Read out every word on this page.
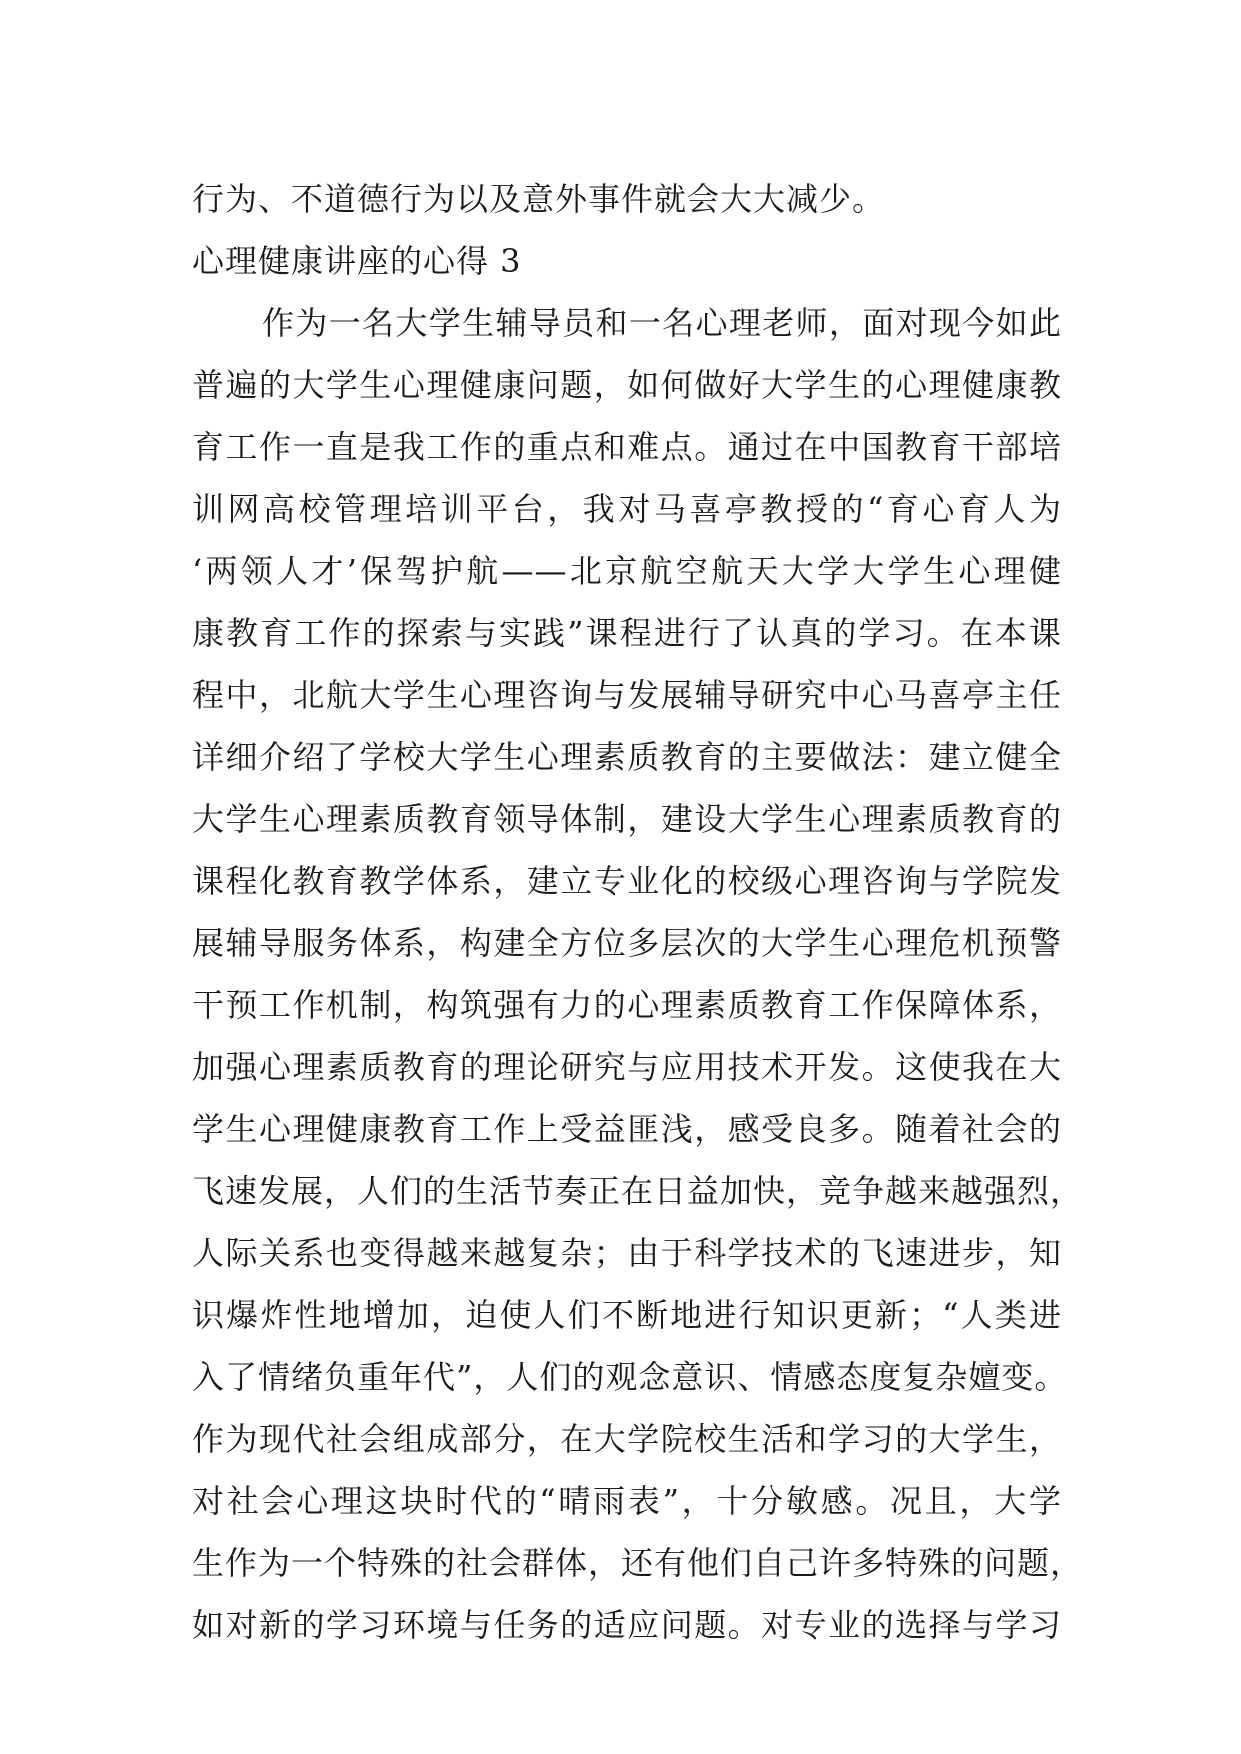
行为、不道德行为以及意外事件就会大大减少。
心理健康讲座的心得 3
作为一名大学生辅导员和一名心理老师，面对现今如此
普遍的大学生心理健康问题，如何做好大学生的心理健康教
育工作一直是我工作的重点和难点。通过在中国教育干部培
训网高校管理培训平台，我对马喜亭教授的“育心育人为
‘两领人才’保驾护航——北京航空航天大学大学生心理健
康教育工作的探索与实践”课程进行了认真的学习。在本课
程中，北航大学生心理咨询与发展辅导研究中心马喜亭主任
详细介绍了学校大学生心理素质教育的主要做法：建立健全
大学生心理素质教育领导体制，建设大学生心理素质教育的
课程化教育教学体系，建立专业化的校级心理咨询与学院发
展辅导服务体系，构建全方位多层次的大学生心理危机预警
干预工作机制，构筑强有力的心理素质教育工作保障体系，
加强心理素质教育的理论研究与应用技术开发。这使我在大
学生心理健康教育工作上受益匪浅，感受良多。随着社会的
飞速发展，人们的生活节奏正在日益加快，竞争越来越强烈，
人际关系也变得越来越复杂；由于科学技术的飞速进步，知
识爆炸性地增加，迫使人们不断地进行知识更新；“人类进
入了情绪负重年代”，人们的观念意识、情感态度复杂嬗变。
作为现代社会组成部分，在大学院校生活和学习的大学生，
对社会心理这块时代的“晴雨表”，十分敏感。况且，大学
生作为一个特殊的社会群体，还有他们自己许多特殊的问题，
如对新的学习环境与任务的适应问题。对专业的选择与学习
